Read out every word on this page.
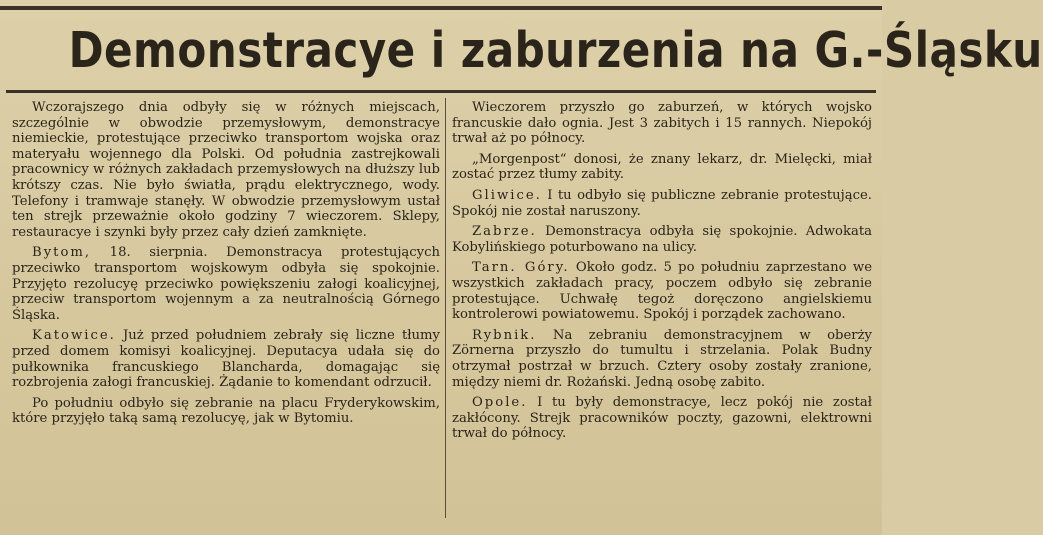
Demonstracye i zaburzenia na G.-Śląsku

Wczorajszego dnia odbyły się w różnych miejscach, szczególnie w obwodzie przemysłowym, demonstracye niemieckie, protestujące przeciwko transportom wojska oraz materyału wojennego dla Polski. Od południa zastrejkowali pracownicy w różnych zakładach przemysłowych na dłuższy lub krótszy czas. Nie było światła, prądu elektrycznego, wody. Telefony i tramwaje stanęły. W obwodzie przemysłowym ustał ten strejk przeważnie około godziny 7 wieczorem. Sklepy, restauracye i szynki były przez cały dzień zamknięte.

Bytom, 18. sierpnia. Demonstracya protestujących przeciwko transportom wojskowym odbyła się spokojnie. Przyjęto rezolucyę przeciwko powiększeniu załogi koalicyjnej, przeciw transportom wojennym a za neutralnością Górnego Śląska.

Katowice. Już przed południem zebrały się liczne tłumy przed domem komisyi koalicyjnej. Deputacya udała się do pułkownika francuskiego Blancharda, domagając się rozbrojenia załogi francuskiej. Żądanie to komendant odrzucił.

Po południu odbyło się zebranie na placu Fryderykowskim, które przyjęło taką samą rezolucyę, jak w Bytomiu.

Wieczorem przyszło go zaburzeń, w których wojsko francuskie dało ognia. Jest 3 zabitych i 15 rannych. Niepokój trwał aż po północy.

„Morgenpost“ donosi, że znany lekarz, dr. Mielęcki, miał zostać przez tłumy zabity.

Gliwice. I tu odbyło się publiczne zebranie protestujące. Spokój nie został naruszony.

Zabrze. Demonstracya odbyła się spokojnie. Adwokata Kobylińskiego poturbowano na ulicy.

Tarn. Góry. Około godz. 5 po południu zaprzestano we wszystkich zakładach pracy, poczem odbyło się zebranie protestujące. Uchwałę tegoż doręczono angielskiemu kontrolerowi powiatowemu. Spokój i porządek zachowano.

Rybnik. Na zebraniu demonstracyjnem w oberży Zörnerna przyszło do tumultu i strzelania. Polak Budny otrzymał postrzał w brzuch. Cztery osoby zostały zranione, między niemi dr. Rożański. Jedną osobę zabito.

Opole. I tu były demonstracye, lecz pokój nie został zakłócony. Strejk pracowników poczty, gazowni, elektrowni trwał do północy.
